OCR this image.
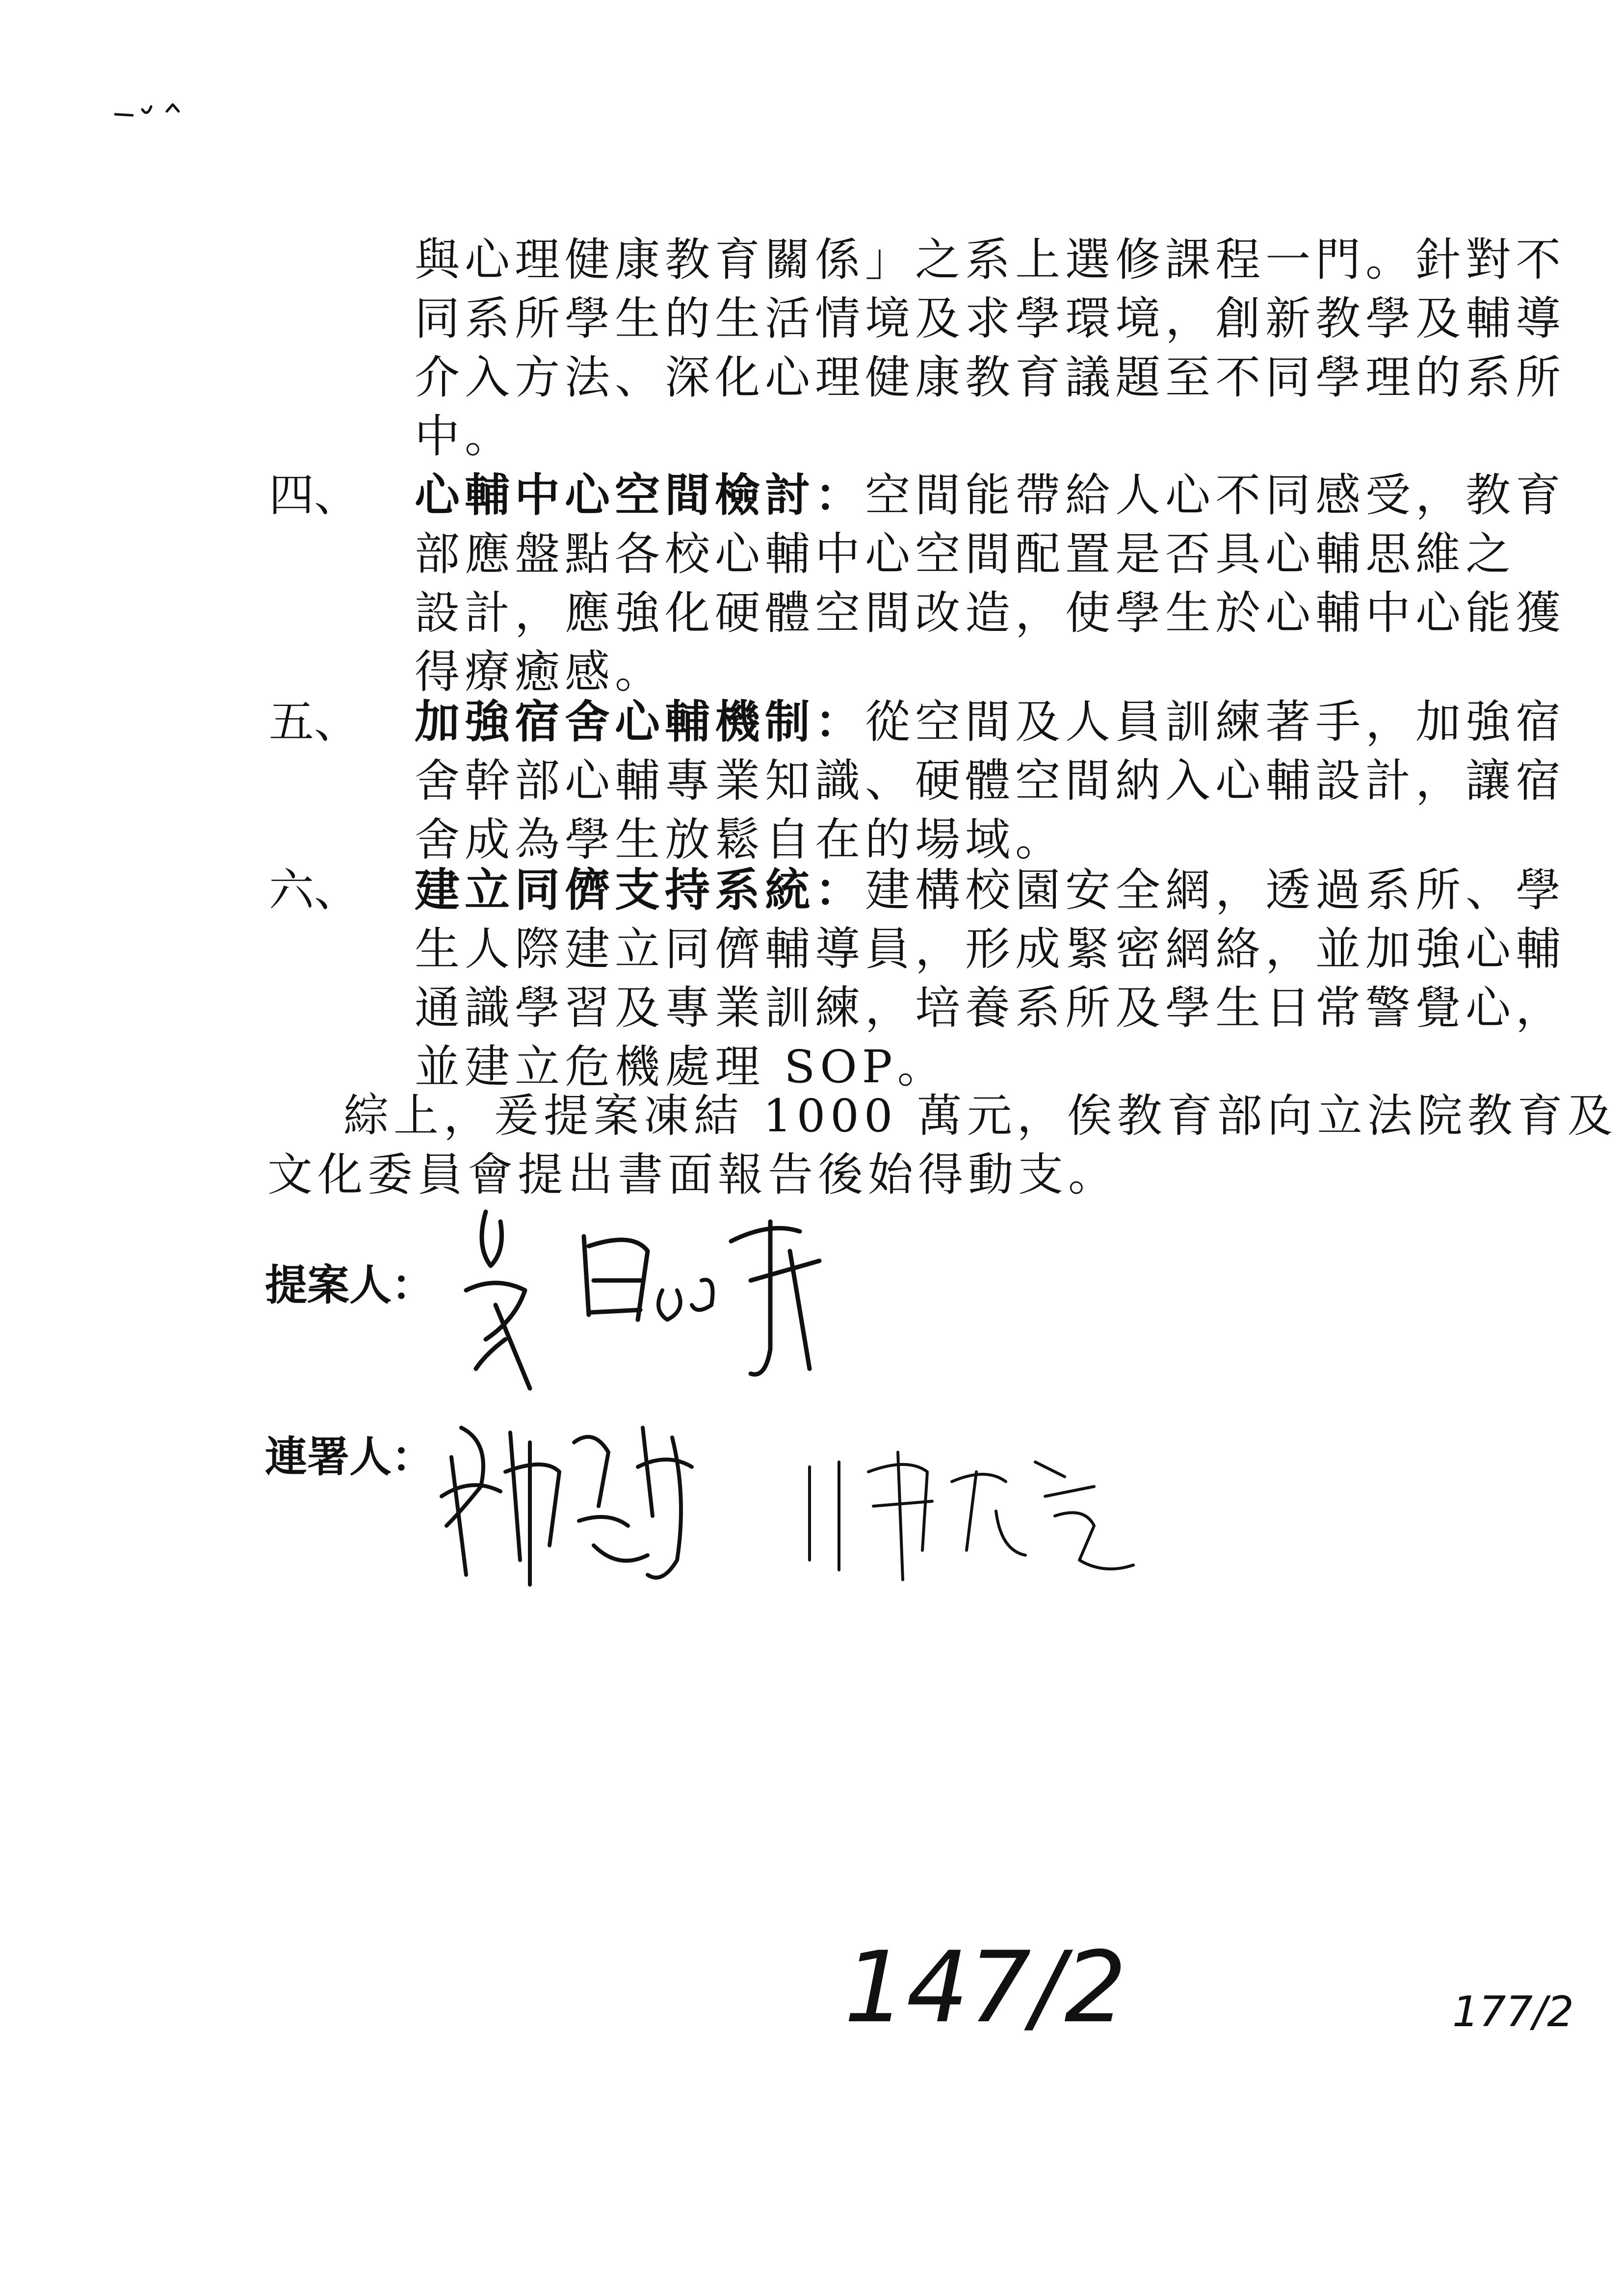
與心理健康教育關係」之系上選修課程一門。針對不
同系所學生的生活情境及求學環境，創新教學及輔導
介入方法、深化心理健康教育議題至不同學理的系所
中。
四、 心輔中心空間檢討：空間能帶給人心不同感受，教育
部應盤點各校心輔中心空間配置是否具心輔思維之
設計，應強化硬體空間改造，使學生於心輔中心能獲
得療癒感。
五、 加強宿舍心輔機制：從空間及人員訓練著手，加強宿
舍幹部心輔專業知識、硬體空間納入心輔設計，讓宿
舍成為學生放鬆自在的場域。
六、 建立同儕支持系統：建構校園安全網，透過系所、學
生人際建立同儕輔導員，形成緊密網絡，並加強心輔
通識學習及專業訓練，培養系所及學生日常警覺心，
並建立危機處理 SOP。
綜上，爰提案凍結 1000 萬元，俟教育部向立法院教育及
文化委員會提出書面報告後始得動支。
提案人：
連署人：
147/2	177/2
